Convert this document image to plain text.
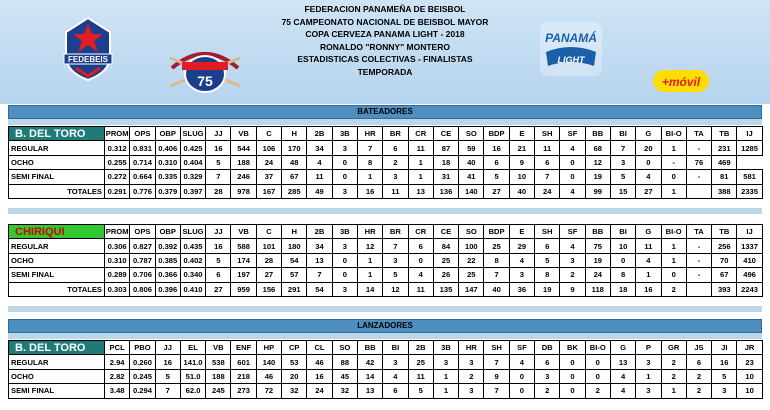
FEDERACION PANAMEÑA DE BEISBOL
75 CAMPEONATO NACIONAL DE BEISBOL MAYOR
COPA CERVEZA PANAMA LIGHT - 2018
RONALDO "RONNY" MONTERO
ESTADISTICAS COLECTIVAS - FINALISTAS
TEMPORADA
FEDEBEIS
75
PANAMÁ
LIGHT
+móvil
BATEADORES
B. DEL TORO	PROM	OPS	OBP	SLUG	JJ	VB	C	H	2B	3B	HR	BR	CR	CE	SO	BDP	E	SH	SF	BB	BI	G	BI-O	TA	TB	IJ
REGULAR	0.312	0.831	0.406	0.425	16	544	106	170	34	3	7	6	11	87	59	16	21	11	4	68	7	20	1	-	231	1285
OCHO	0.255	0.714	0.310	0.404	5	188	24	48	4	0	8	2	1	18	40	6	9	6	0	12	3	0	-	76	469	
SEMI FINAL	0.272	0.664	0.335	0.329	7	246	37	67	11	0	1	3	1	31	41	5	10	7	0	19	5	4	0	-	81	581
TOTALES	0.291	0.776	0.379	0.397	28	978	167	285	49	3	16	11	13	136	140	27	40	24	4	99	15	27	1		388	2335
CHIRIQUI	PROM	OPS	OBP	SLUG	JJ	VB	C	H	2B	3B	HR	BR	CR	CE	SO	BDP	E	SH	SF	BB	BI	G	BI-O	TA	TB	IJ
REGULAR	0.306	0.827	0.392	0.435	16	588	101	180	34	3	12	7	6	84	100	25	29	6	4	75	10	11	1	-	256	1337
OCHO	0.310	0.787	0.385	0.402	5	174	28	54	13	0	1	3	0	25	22	8	4	5	3	19	0	4	1	-	70	410
SEMI FINAL	0.289	0.706	0.366	0.340	6	197	27	57	7	0	1	5	4	26	25	7	3	8	2	24	8	1	0	-	67	496
TOTALES	0.303	0.806	0.396	0.410	27	959	156	291	54	3	14	12	11	135	147	40	36	19	9	118	18	16	2		393	2243
LANZADORES
B. DEL TORO	PCL	PBO	JJ	EL	VB	ENF	HP	CP	CL	SO	BB	BI	2B	3B	HR	SH	SF	DB	BK	BI-O	G	P	GR	JS	JI	JR
REGULAR	2.94	0.260	16	141.0	538	601	140	53	46	88	42	3	25	3	3	7	4	6	0	0	13	3	2	6	16	23
OCHO	2.82	0.245	5	51.0	188	218	46	20	16	45	14	4	11	1	2	9	0	3	0	0	4	1	2	2	5	10
SEMI FINAL	3.48	0.294	7	62.0	245	273	72	32	24	32	13	6	5	1	3	7	0	2	0	2	4	3	1	2	3	10
